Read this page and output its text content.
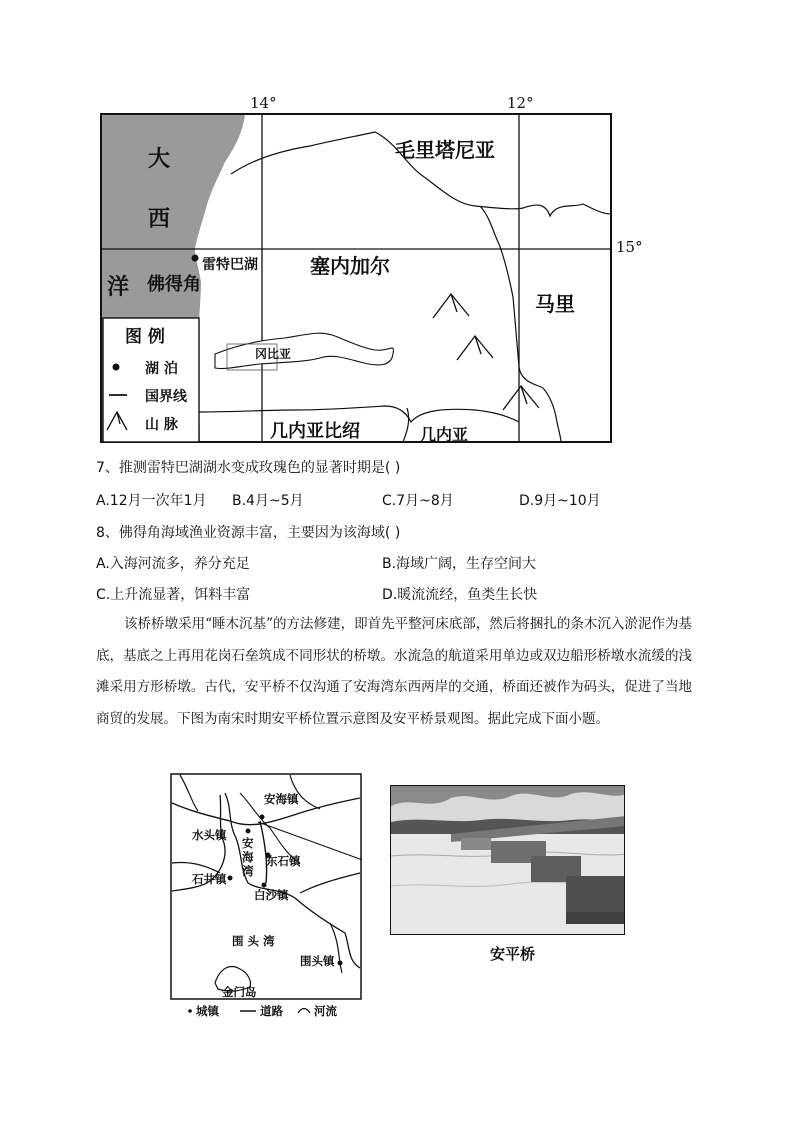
14°	12°
15°
大
西
洋
毛里塔尼亚
塞内加尔
马里
佛得角
雷特巴湖
冈比亚
几内亚比绍	几内亚
图 例
湖 泊
国界线
山 脉
7、推测雷特巴湖湖水变成玫瑰色的显著时期是( )
A.12月一次年1月 B.4月~5月	C.7月~8月	D.9月~10月
8、佛得角海域渔业资源丰富，主要因为该海域( )
A.入海河流多，养分充足	B.海域广阔，生存空间大
C.上升流显著，饵料丰富	D.暖流流经，鱼类生长快
该桥桥墩采用“睡木沉基”的方法修建，即首先平整河床底部，然后将捆扎的条木沉入淤泥作为基底，基底之上再用花岗石垒筑成不同形状的桥墩。水流急的航道采用单边或双边船形桥墩水流缓的浅滩采用方形桥墩。古代，安平桥不仅沟通了安海湾东西两岸的交通，桥面还被作为码头，促进了当地商贸的发展。下图为南宋时期安平桥位置示意图及安平桥景观图。据此完成下面小题。
安海镇
水头镇
东石镇
石井镇
白沙镇
围头镇
安
海
湾
围 头 湾
金门岛
城镇	道路	河流
安平桥
